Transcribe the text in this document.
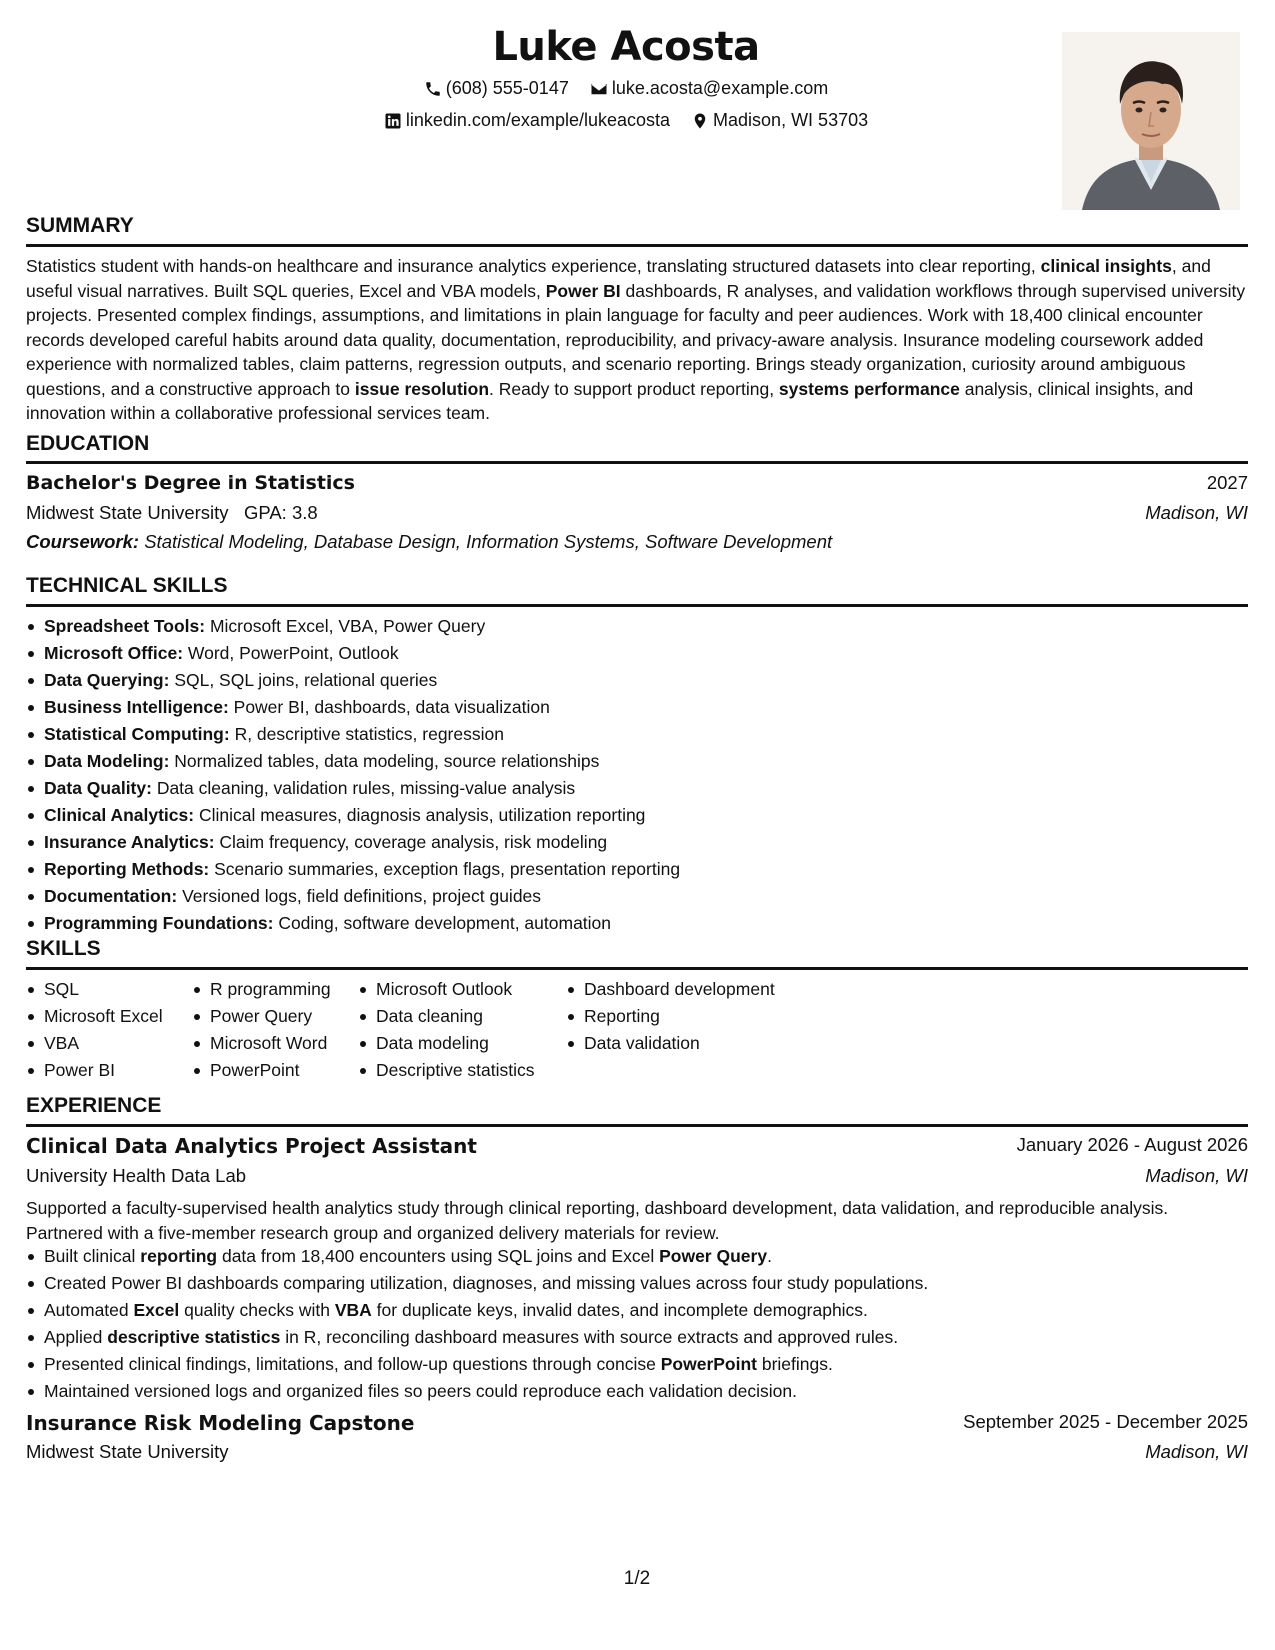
Luke Acosta
(608) 555-0147
luke.acosta@example.com
linkedin.com/example/lukeacosta
Madison, WI 53703
SUMMARY
Statistics student with hands-on healthcare and insurance analytics experience, translating structured datasets into clear reporting, clinical insights, and useful visual narratives. Built SQL queries, Excel and VBA models, Power BI dashboards, R analyses, and validation workflows through supervised university projects. Presented complex findings, assumptions, and limitations in plain language for faculty and peer audiences. Work with 18,400 clinical encounter records developed careful habits around data quality, documentation, reproducibility, and privacy-aware analysis. Insurance modeling coursework added experience with normalized tables, claim patterns, regression outputs, and scenario reporting. Brings steady organization, curiosity around ambiguous questions, and a constructive approach to issue resolution. Ready to support product reporting, systems performance analysis, clinical insights, and innovation within a collaborative professional services team.
EDUCATION
Bachelor's Degree in Statistics	2027
Midwest State University GPA: 3.8	Madison, WI
Coursework: Statistical Modeling, Database Design, Information Systems, Software Development
TECHNICAL SKILLS
Spreadsheet Tools: Microsoft Excel, VBA, Power Query
Microsoft Office: Word, PowerPoint, Outlook
Data Querying: SQL, SQL joins, relational queries
Business Intelligence: Power BI, dashboards, data visualization
Statistical Computing: R, descriptive statistics, regression
Data Modeling: Normalized tables, data modeling, source relationships
Data Quality: Data cleaning, validation rules, missing-value analysis
Clinical Analytics: Clinical measures, diagnosis analysis, utilization reporting
Insurance Analytics: Claim frequency, coverage analysis, risk modeling
Reporting Methods: Scenario summaries, exception flags, presentation reporting
Documentation: Versioned logs, field definitions, project guides
Programming Foundations: Coding, software development, automation
SKILLS
SQL
Microsoft Excel
VBA
Power BI
R programming
Power Query
Microsoft Word
PowerPoint
Microsoft Outlook
Data cleaning
Data modeling
Descriptive statistics
Dashboard development
Reporting
Data validation
EXPERIENCE
Clinical Data Analytics Project Assistant	January 2026 - August 2026
University Health Data Lab	Madison, WI
Supported a faculty-supervised health analytics study through clinical reporting, dashboard development, data validation, and reproducible analysis. Partnered with a five-member research group and organized delivery materials for review.
Built clinical reporting data from 18,400 encounters using SQL joins and Excel Power Query.
Created Power BI dashboards comparing utilization, diagnoses, and missing values across four study populations.
Automated Excel quality checks with VBA for duplicate keys, invalid dates, and incomplete demographics.
Applied descriptive statistics in R, reconciling dashboard measures with source extracts and approved rules.
Presented clinical findings, limitations, and follow-up questions through concise PowerPoint briefings.
Maintained versioned logs and organized files so peers could reproduce each validation decision.
Insurance Risk Modeling Capstone	September 2025 - December 2025
Midwest State University	Madison, WI
1/2
